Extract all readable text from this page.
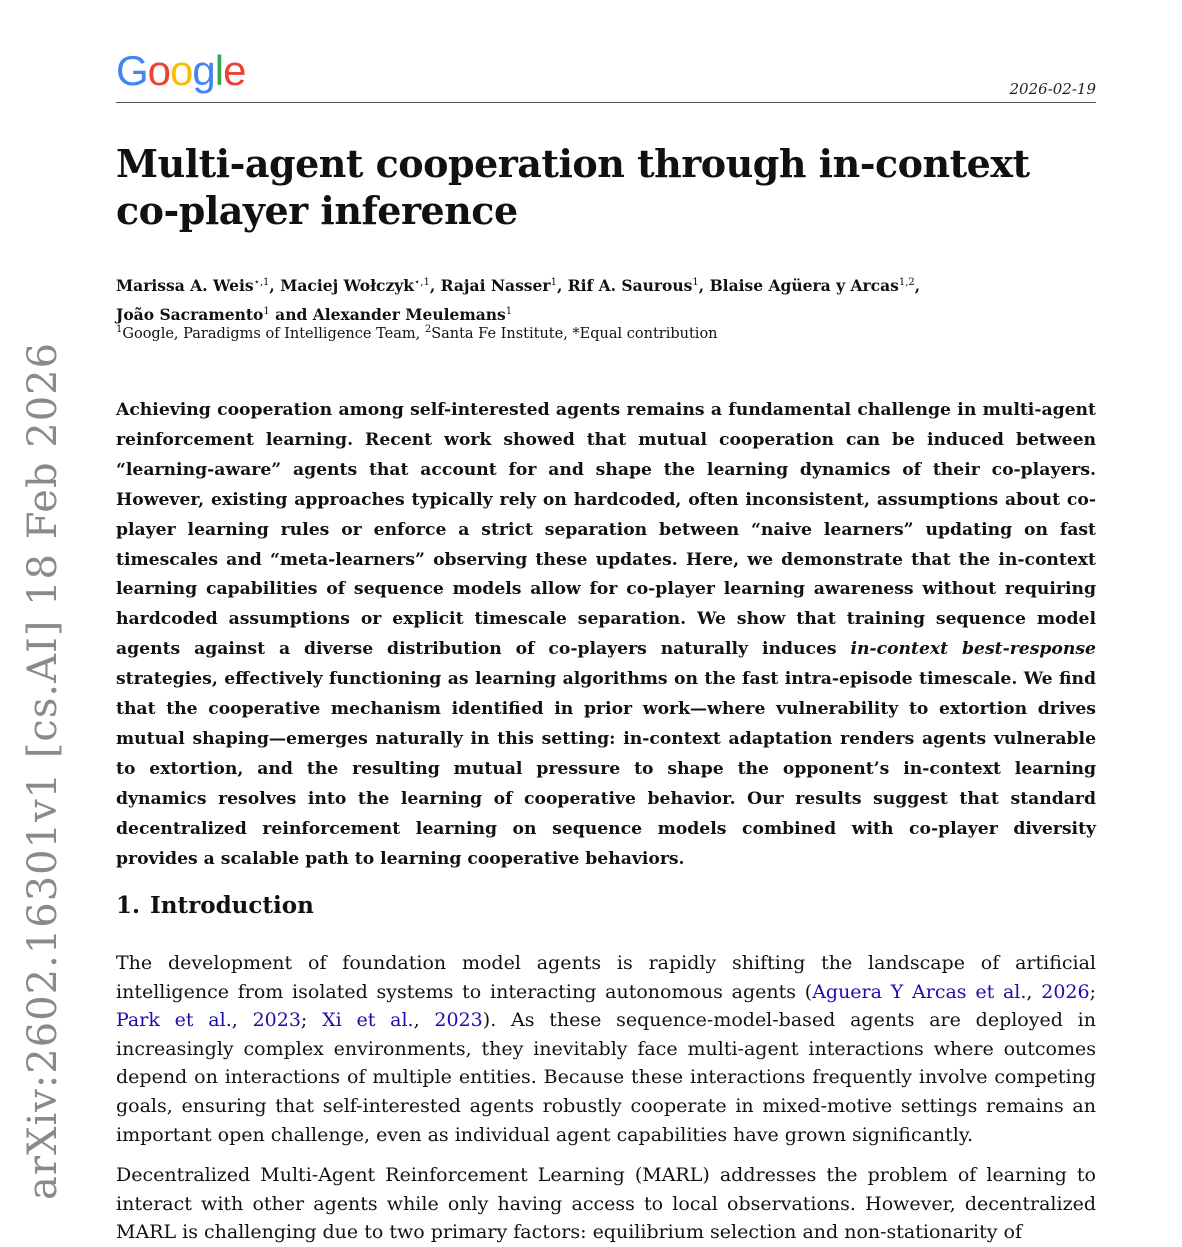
Google	2026-02-19
Multi-agent cooperation through in-context co-player inference
Marissa A. Weis$^{⋆,1}$, Maciej Wołczyk$^{⋆,1}$, Rajai Nasser$^1$, Rif A. Saurous$^1$, Blaise Agüera y Arcas$^{1,2}$,
João Sacramento$^1$ and Alexander Meulemans$^1$
$^1$Google, Paradigms of Intelligence Team, $^2$Santa Fe Institute, *Equal contribution

Achieving cooperation among self-interested agents remains a fundamental challenge in multi-agent reinforcement learning. Recent work showed that mutual cooperation can be induced between “learning-aware” agents that account for and shape the learning dynamics of their co-players. However, existing approaches typically rely on hardcoded, often inconsistent, assumptions about co-player learning rules or enforce a strict separation between “naive learners” updating on fast timescales and “meta-learners” observing these updates. Here, we demonstrate that the in-context learning capabilities of sequence models allow for co-player learning awareness without requiring hardcoded assumptions or explicit timescale separation. We show that training sequence model agents against a diverse distribution of co-players naturally induces in-context best-response strategies, effectively functioning as learning algorithms on the fast intra-episode timescale. We find that the cooperative mechanism identified in prior work—where vulnerability to extortion drives mutual shaping—emerges naturally in this setting: in-context adaptation renders agents vulnerable to extortion, and the resulting mutual pressure to shape the opponent’s in-context learning dynamics resolves into the learning of cooperative behavior. Our results suggest that standard decentralized reinforcement learning on sequence models combined with co-player diversity provides a scalable path to learning cooperative behaviors.

1. Introduction

The development of foundation model agents is rapidly shifting the landscape of artificial intelligence from isolated systems to interacting autonomous agents (Aguera Y Arcas et al., 2026; Park et al., 2023; Xi et al., 2023). As these sequence-model-based agents are deployed in increasingly complex environments, they inevitably face multi-agent interactions where outcomes depend on interactions of multiple entities. Because these interactions frequently involve competing goals, ensuring that self-interested agents robustly cooperate in mixed-motive settings remains an important open challenge, even as individual agent capabilities have grown significantly.

Decentralized Multi-Agent Reinforcement Learning (MARL) addresses the problem of learning to interact with other agents while only having access to local observations. However, decentralized MARL is challenging due to two primary factors: equilibrium selection and non-stationarity of

arXiv:2602.16301v1 [cs.AI] 18 Feb 2026
